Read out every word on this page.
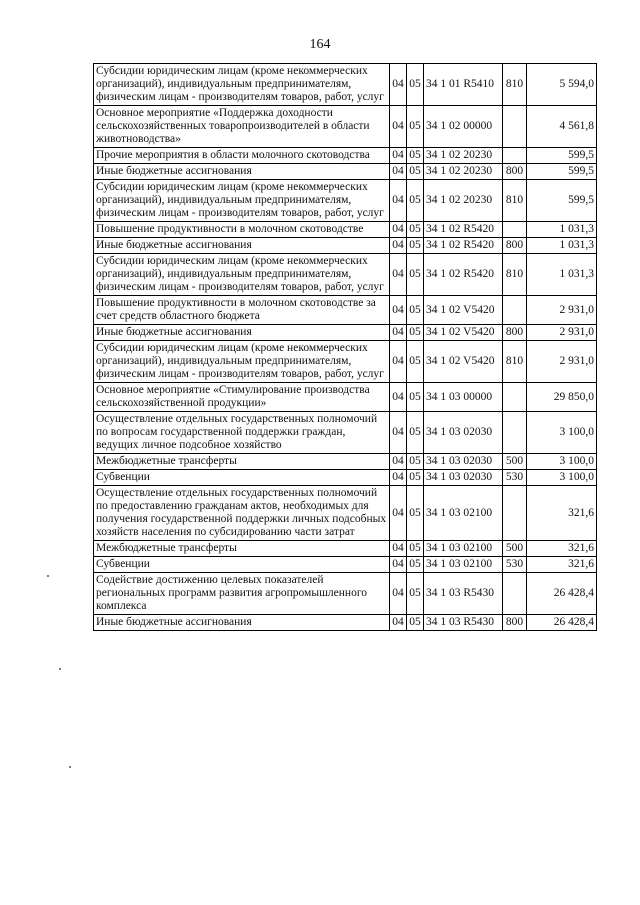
164
Субсидии юридическим лицам (кроме некоммерческих организаций), индивидуальным предпринимателям, физическим лицам - производителям товаров, работ, услуг	04	05	34 1 01 R5410	810	5 594,0
Основное мероприятие «Поддержка доходности сельскохозяйственных товаропроизводителей в области животноводства»	04	05	34 1 02 00000		4 561,8
Прочие мероприятия в области молочного скотоводства	04	05	34 1 02 20230		599,5
Иные бюджетные ассигнования	04	05	34 1 02 20230	800	599,5
Субсидии юридическим лицам (кроме некоммерческих организаций), индивидуальным предпринимателям, физическим лицам - производителям товаров, работ, услуг	04	05	34 1 02 20230	810	599,5
Повышение продуктивности в молочном скотоводстве	04	05	34 1 02 R5420		1 031,3
Иные бюджетные ассигнования	04	05	34 1 02 R5420	800	1 031,3
Субсидии юридическим лицам (кроме некоммерческих организаций), индивидуальным предпринимателям, физическим лицам - производителям товаров, работ, услуг	04	05	34 1 02 R5420	810	1 031,3
Повышение продуктивности в молочном скотоводстве за счет средств областного бюджета	04	05	34 1 02 V5420		2 931,0
Иные бюджетные ассигнования	04	05	34 1 02 V5420	800	2 931,0
Субсидии юридическим лицам (кроме некоммерческих организаций), индивидуальным предпринимателям, физическим лицам - производителям товаров, работ, услуг	04	05	34 1 02 V5420	810	2 931,0
Основное мероприятие «Стимулирование производства сельскохозяйственной продукции»	04	05	34 1 03 00000		29 850,0
Осуществление отдельных государственных полномочий по вопросам государственной поддержки граждан, ведущих личное подсобное хозяйство	04	05	34 1 03 02030		3 100,0
Межбюджетные трансферты	04	05	34 1 03 02030	500	3 100,0
Субвенции	04	05	34 1 03 02030	530	3 100,0
Осуществление отдельных государственных полномочий по предоставлению гражданам актов, необходимых для получения государственной поддержки личных подсобных хозяйств населения по субсидированию части затрат	04	05	34 1 03 02100		321,6
Межбюджетные трансферты	04	05	34 1 03 02100	500	321,6
Субвенции	04	05	34 1 03 02100	530	321,6
Содействие достижению целевых показателей региональных программ развития агропромышленного комплекса	04	05	34 1 03 R5430		26 428,4
Иные бюджетные ассигнования	04	05	34 1 03 R5430	800	26 428,4
